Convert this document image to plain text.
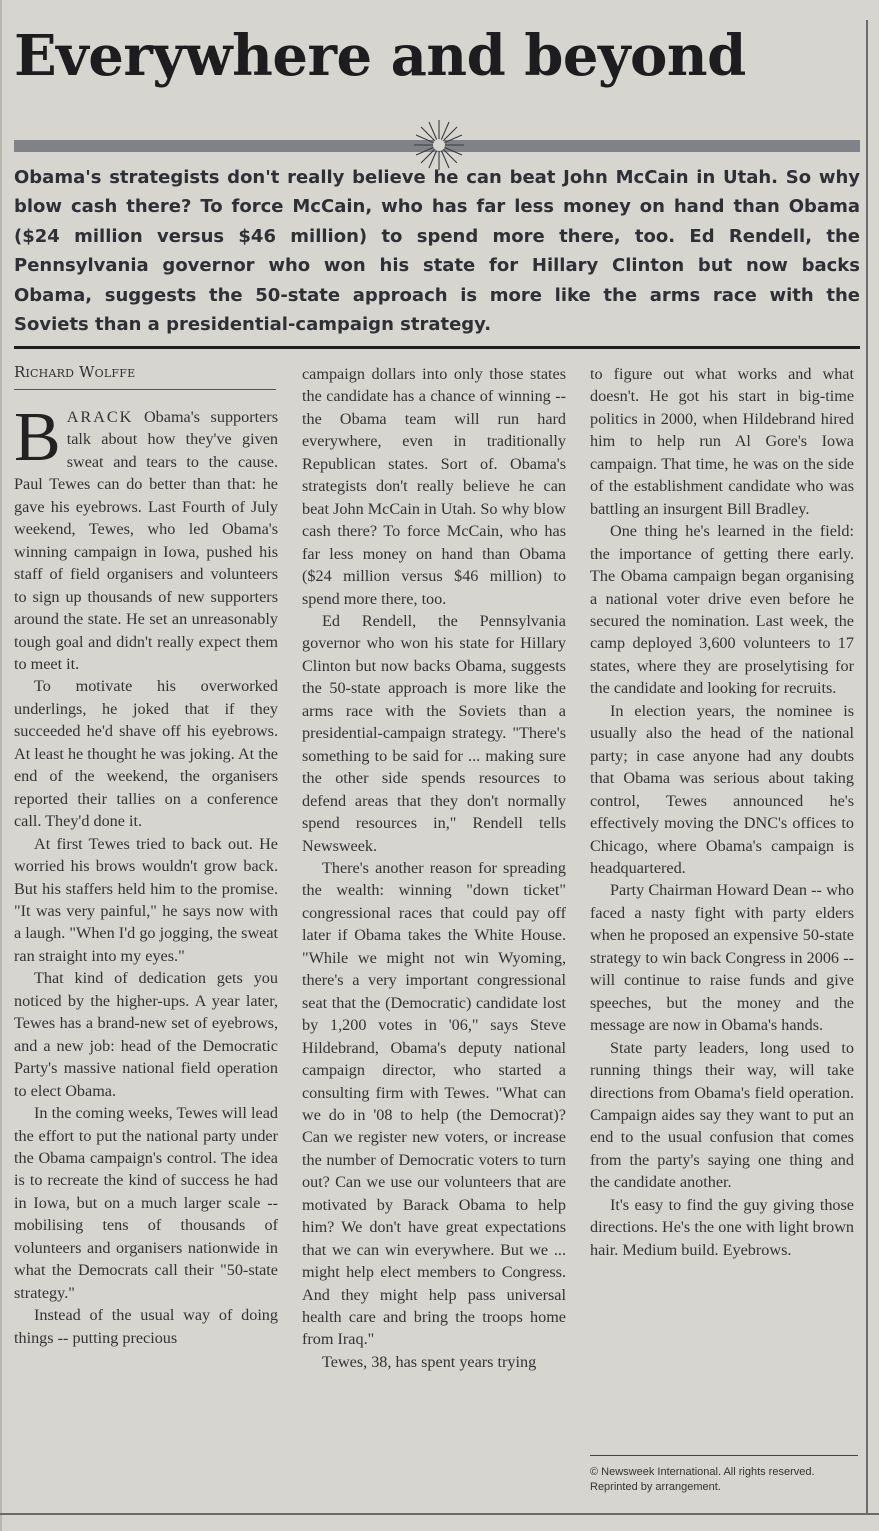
Everywhere and beyond

Obama's strategists don't really believe he can beat John McCain in Utah. So why blow cash there? To force McCain, who has far less money on hand than Obama ($24 million versus $46 million) to spend more there, too. Ed Rendell, the Pennsylvania governor who won his state for Hillary Clinton but now backs Obama, suggests the 50-state approach is more like the arms race with the Soviets than a presidential-campaign strategy.

Richard Wolffe

BARACK Obama's supporters talk about how they've given sweat and tears to the cause. Paul Tewes can do better than that: he gave his eyebrows. Last Fourth of July weekend, Tewes, who led Obama's winning campaign in Iowa, pushed his staff of field organisers and volunteers to sign up thousands of new supporters around the state. He set an unreasonably tough goal and didn't really expect them to meet it.

To motivate his overworked underlings, he joked that if they succeeded he'd shave off his eyebrows. At least he thought he was joking. At the end of the weekend, the organisers reported their tallies on a conference call. They'd done it.

At first Tewes tried to back out. He worried his brows wouldn't grow back. But his staffers held him to the promise. "It was very painful," he says now with a laugh. "When I'd go jogging, the sweat ran straight into my eyes."

That kind of dedication gets you noticed by the higher-ups. A year later, Tewes has a brand-new set of eyebrows, and a new job: head of the Democratic Party's massive national field operation to elect Obama.

In the coming weeks, Tewes will lead the effort to put the national party under the Obama campaign's control. The idea is to recreate the kind of success he had in Iowa, but on a much larger scale -- mobilising tens of thousands of volunteers and organisers nationwide in what the Democrats call their "50-state strategy."

Instead of the usual way of doing things -- putting precious

campaign dollars into only those states the candidate has a chance of winning -- the Obama team will run hard everywhere, even in traditionally Republican states. Sort of. Obama's strategists don't really believe he can beat John McCain in Utah. So why blow cash there? To force McCain, who has far less money on hand than Obama ($24 million versus $46 million) to spend more there, too.

Ed Rendell, the Pennsylvania governor who won his state for Hillary Clinton but now backs Obama, suggests the 50-state approach is more like the arms race with the Soviets than a presidential-campaign strategy. "There's something to be said for ... making sure the other side spends resources to defend areas that they don't normally spend resources in," Rendell tells Newsweek.

There's another reason for spreading the wealth: winning "down ticket" congressional races that could pay off later if Obama takes the White House. "While we might not win Wyoming, there's a very important congressional seat that the (Democratic) candidate lost by 1,200 votes in '06," says Steve Hildebrand, Obama's deputy national campaign director, who started a consulting firm with Tewes. "What can we do in '08 to help (the Democrat)? Can we register new voters, or increase the number of Democratic voters to turn out? Can we use our volunteers that are motivated by Barack Obama to help him? We don't have great expectations that we can win everywhere. But we ... might help elect members to Congress. And they might help pass universal health care and bring the troops home from Iraq."

Tewes, 38, has spent years trying

to figure out what works and what doesn't. He got his start in big-time politics in 2000, when Hildebrand hired him to help run Al Gore's Iowa campaign. That time, he was on the side of the establishment candidate who was battling an insurgent Bill Bradley.

One thing he's learned in the field: the importance of getting there early. The Obama campaign began organising a national voter drive even before he secured the nomination. Last week, the camp deployed 3,600 volunteers to 17 states, where they are proselytising for the candidate and looking for recruits.

In election years, the nominee is usually also the head of the national party; in case anyone had any doubts that Obama was serious about taking control, Tewes announced he's effectively moving the DNC's offices to Chicago, where Obama's campaign is headquartered.

Party Chairman Howard Dean -- who faced a nasty fight with party elders when he proposed an expensive 50-state strategy to win back Congress in 2006 -- will continue to raise funds and give speeches, but the money and the message are now in Obama's hands.

State party leaders, long used to running things their way, will take directions from Obama's field operation. Campaign aides say they want to put an end to the usual confusion that comes from the party's saying one thing and the candidate another.

It's easy to find the guy giving those directions. He's the one with light brown hair. Medium build. Eyebrows.

© Newsweek International. All rights reserved.
Reprinted by arrangement.
